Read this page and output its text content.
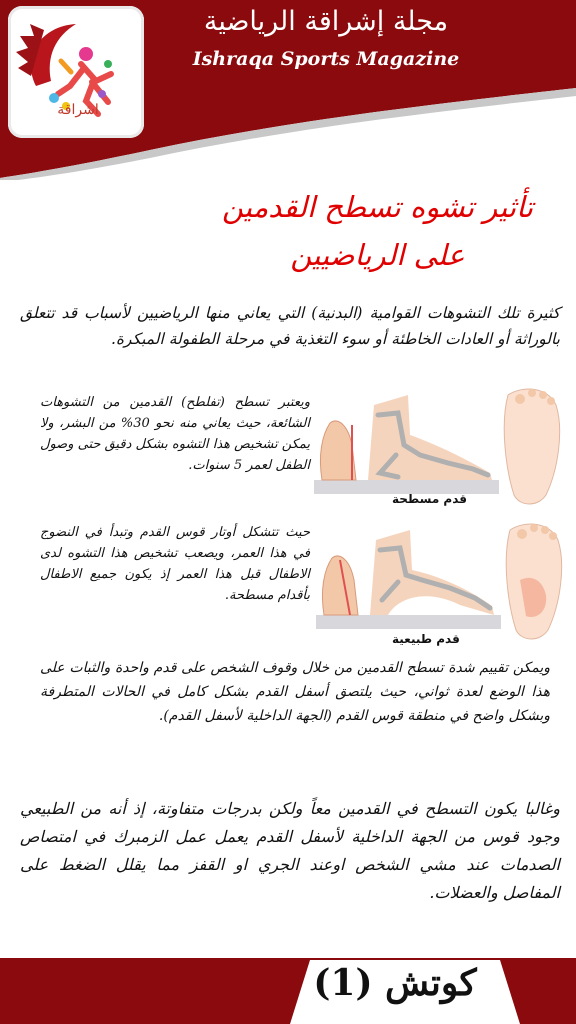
اشراقة
مجلة إشراقة الرياضية
Ishraqa Sports Magazine
تأثير تشوه تسطح القدمين
على الرياضيين
كثيرة تلك التشوهات القوامية (البدنية) التي يعاني منها الرياضيين لأسباب قد تتعلق بالوراثة أو العادات الخاطئة أو سوء التغذية في مرحلة الطفولة المبكرة.
قدم مسطحة
ويعتبر تسطح (تفلطح) القدمين من التشوهات الشائعة، حيث يعاني منه نحو 30% من البشر، ولا يمكن تشخيص هذا التشوه بشكل دقيق حتى وصول الطفل لعمر 5 سنوات.
قدم طبيعية
حيث تتشكل أوتار قوس القدم وتبدأ في النضوج في هذا العمر، ويصعب تشخيص هذا التشوه لدى الاطفال قبل هذا العمر إذ يكون جميع الاطفال بأقدام مسطحة.
ويمكن تقييم شدة تسطح القدمين من خلال وقوف الشخص على قدم واحدة والثبات على هذا الوضع لعدة ثواني، حيث يلتصق أسفل القدم بشكل كامل في الحالات المتطرفة وبشكل واضح في منطقة قوس القدم (الجهة الداخلية لأسفل القدم).
وغالبا يكون التسطح في القدمين معاً ولكن بدرجات متفاوتة، إذ أنه من الطبيعي وجود قوس من الجهة الداخلية لأسفل القدم يعمل عمل الزمبرك في امتصاص الصدمات عند مشي الشخص اوعند الجري او القفز مما يقلل الضغط على المفاصل والعضلات.
كوتش (1)
